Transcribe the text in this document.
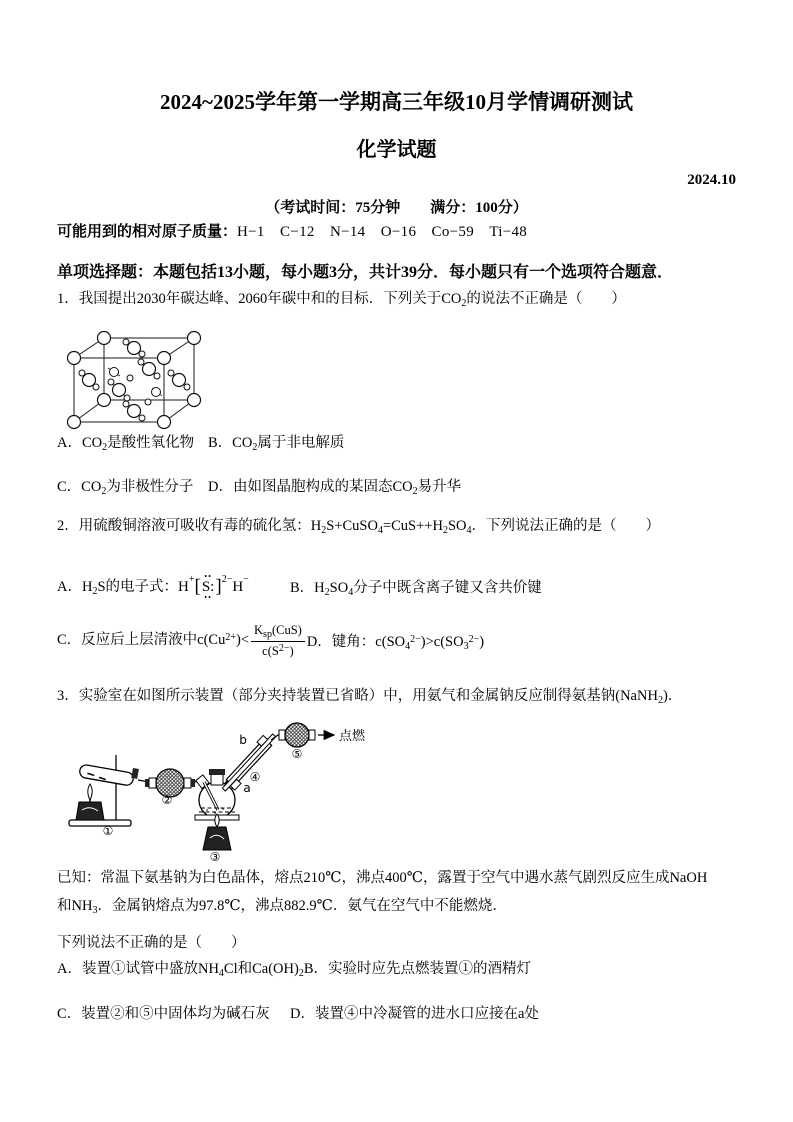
2024~2025学年第一学期高三年级10月学情调研测试
化学试题
2024.10
（考试时间：75分钟　　满分：100分）
可能用到的相对原子质量：H−1　C−12　N−14　O−16　Co−59　Ti−48
单项选择题：本题包括13小题，每小题3分，共计39分．每小题只有一个选项符合题意．
1．我国提出2030年碳达峰、2060年碳中和的目标．下列关于$CO_2$的说法不正确是（　　）
A．$CO_2$是酸性氧化物 B．$CO_2$属于非电解质
C．$CO_2$为非极性分子	D．由如图晶胞构成的某固态$CO_2$易升华
2．用硫酸铜溶液可吸收有毒的硫化氢：$H_2S+CuSO_4=CuS++H_2SO_4$．下列说法正确的是（　　）
A．$H_2S$的电子式： H + [ ••
S:
••
] 2− H −
B．$H_2SO_4$分子中既含离子键又含共价键
C．反应后上层清液中$c(Cu^{2+})< \frac{K_{sp}(CuS)}{c(S^{2-})}$ D．键角：$c(SO_4^{2-})>c(SO_3^{2-})$
3．实验室在如图所示装置（部分夹持装置已省略）中，用氨气和金属钠反应制得氨基钠(NaNH$_2$)．
①
②
③
a
b
④
⑤
点燃
已知：常温下氨基钠为白色晶体，熔点210℃，沸点400℃，露置于空气中遇水蒸气剧烈反应生成NaOH和$NH_3$．金属钠熔点为97.8℃，沸点882.9℃．氨气在空气中不能燃烧．
下列说法不正确的是（　　）
A．装置①试管中盛放$NH_4Cl$和$Ca(OH)_2$ B．实验时应先点燃装置①的酒精灯
C．装置②和⑤中固体均为碱石灰	D．装置④中冷凝管的进水口应接在a处
